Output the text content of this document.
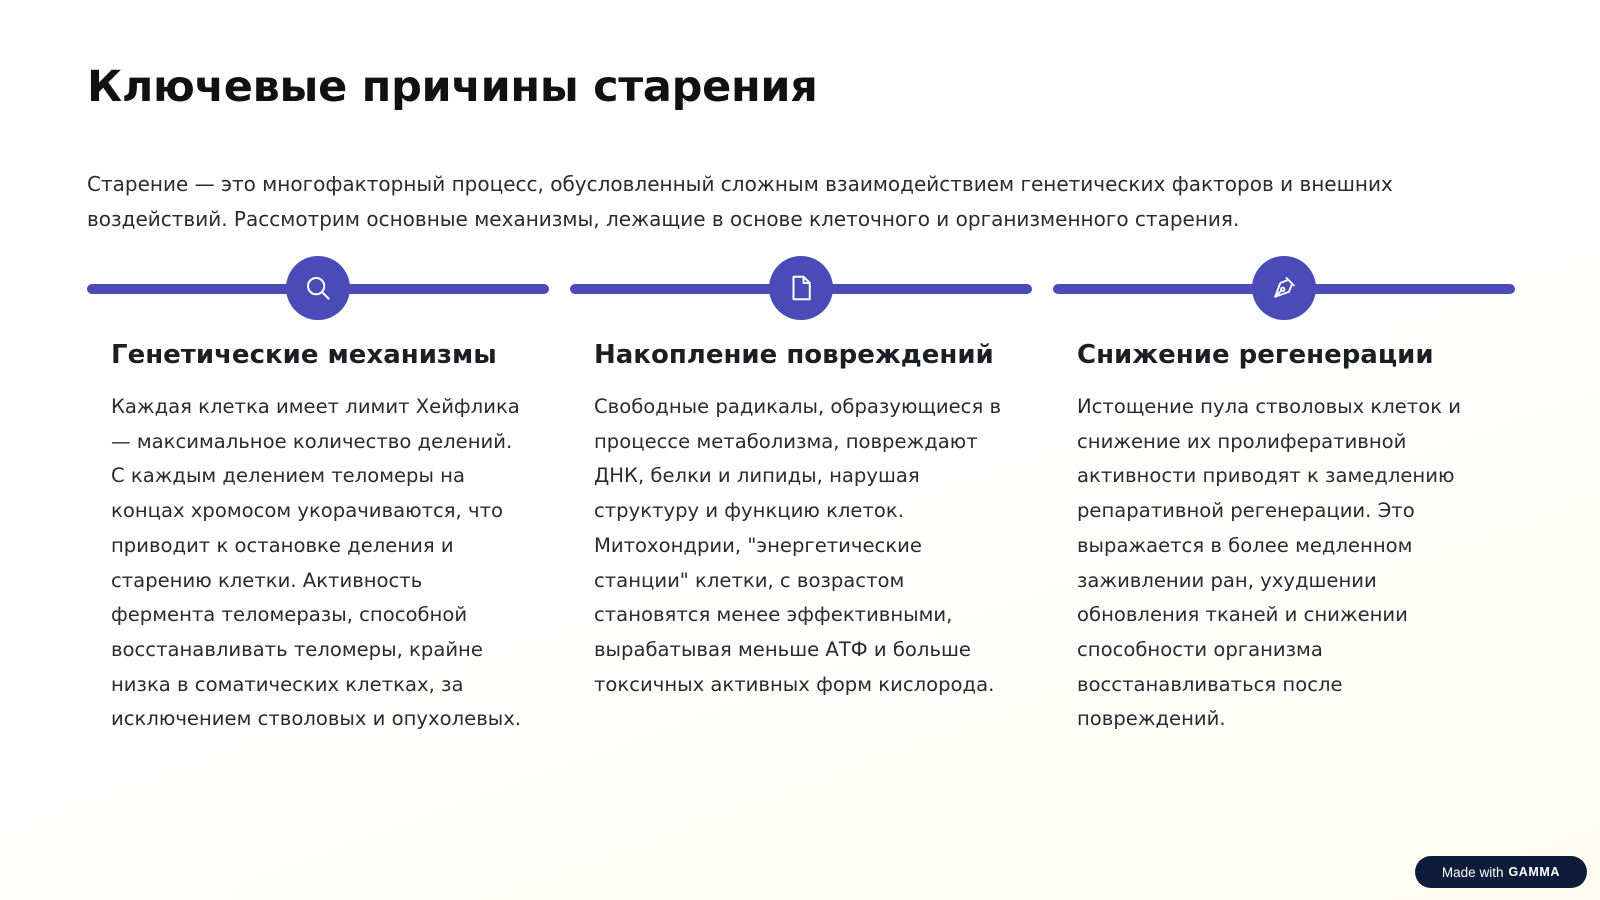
Ключевые причины старения

Старение — это многофакторный процесс, обусловленный сложным взаимодействием генетических факторов и внешних воздействий. Рассмотрим основные механизмы, лежащие в основе клеточного и организменного старения.

Генетические механизмы

Каждая клетка имеет лимит Хейфлика — максимальное количество делений. С каждым делением теломеры на концах хромосом укорачиваются, что приводит к остановке деления и старению клетки. Активность фермента теломеразы, способной восстанавливать теломеры, крайне низка в соматических клетках, за исключением стволовых и опухолевых.

Накопление повреждений

Свободные радикалы, образующиеся в процессе метаболизма, повреждают ДНК, белки и липиды, нарушая структуру и функцию клеток. Митохондрии, "энергетические станции" клетки, с возрастом становятся менее эффективными, вырабатывая меньше АТФ и больше токсичных активных форм кислорода.

Снижение регенерации

Истощение пула стволовых клеток и снижение их пролиферативной активности приводят к замедлению репаративной регенерации. Это выражается в более медленном заживлении ран, ухудшении обновления тканей и снижении способности организма восстанавливаться после повреждений.

Made with GAMMA
